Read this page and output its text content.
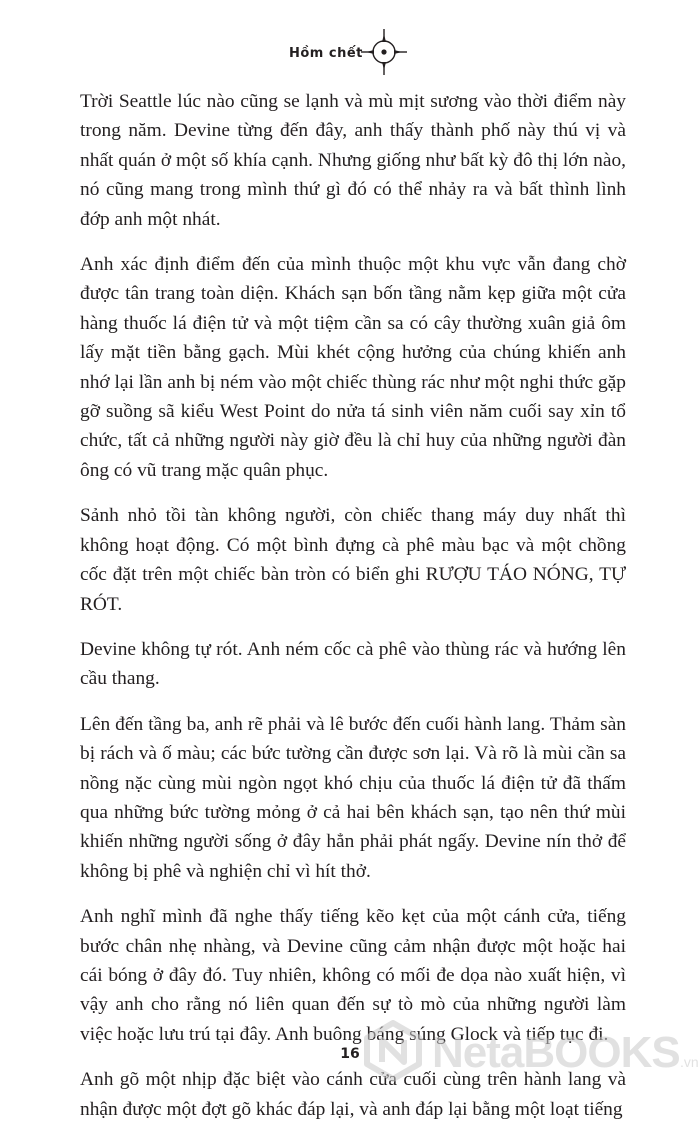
Hồm chết

Trời Seattle lúc nào cũng se lạnh và mù mịt sương vào thời điểm này trong năm. Devine từng đến đây, anh thấy thành phố này thú vị và nhất quán ở một số khía cạnh. Nhưng giống như bất kỳ đô thị lớn nào, nó cũng mang trong mình thứ gì đó có thể nhảy ra và bất thình lình đớp anh một nhát.

Anh xác định điểm đến của mình thuộc một khu vực vẫn đang chờ được tân trang toàn diện. Khách sạn bốn tầng nằm kẹp giữa một cửa hàng thuốc lá điện tử và một tiệm cần sa có cây thường xuân giả ôm lấy mặt tiền bằng gạch. Mùi khét cộng hưởng của chúng khiến anh nhớ lại lần anh bị ném vào một chiếc thùng rác như một nghi thức gặp gỡ suồng sã kiểu West Point do nửa tá sinh viên năm cuối say xỉn tổ chức, tất cả những người này giờ đều là chỉ huy của những người đàn ông có vũ trang mặc quân phục.

Sảnh nhỏ tồi tàn không người, còn chiếc thang máy duy nhất thì không hoạt động. Có một bình đựng cà phê màu bạc và một chồng cốc đặt trên một chiếc bàn tròn có biển ghi RƯỢU TÁO NÓNG, TỰ RÓT.

Devine không tự rót. Anh ném cốc cà phê vào thùng rác và hướng lên cầu thang.

Lên đến tầng ba, anh rẽ phải và lê bước đến cuối hành lang. Thảm sàn bị rách và ố màu; các bức tường cần được sơn lại. Và rõ là mùi cần sa nồng nặc cùng mùi ngòn ngọt khó chịu của thuốc lá điện tử đã thấm qua những bức tường mỏng ở cả hai bên khách sạn, tạo nên thứ mùi khiến những người sống ở đây hẳn phải phát ngấy. Devine nín thở để không bị phê và nghiện chỉ vì hít thở.

Anh nghĩ mình đã nghe thấy tiếng kẽo kẹt của một cánh cửa, tiếng bước chân nhẹ nhàng, và Devine cũng cảm nhận được một hoặc hai cái bóng ở đây đó. Tuy nhiên, không có mối đe dọa nào xuất hiện, vì vậy anh cho rằng nó liên quan đến sự tò mò của những người làm việc hoặc lưu trú tại đây. Anh buông báng súng Glock và tiếp tục đi.

Anh gõ một nhịp đặc biệt vào cánh cửa cuối cùng trên hành lang và nhận được một đợt gõ khác đáp lại, và anh đáp lại bằng một loạt tiếng

16	NetaBOOKS .vn
